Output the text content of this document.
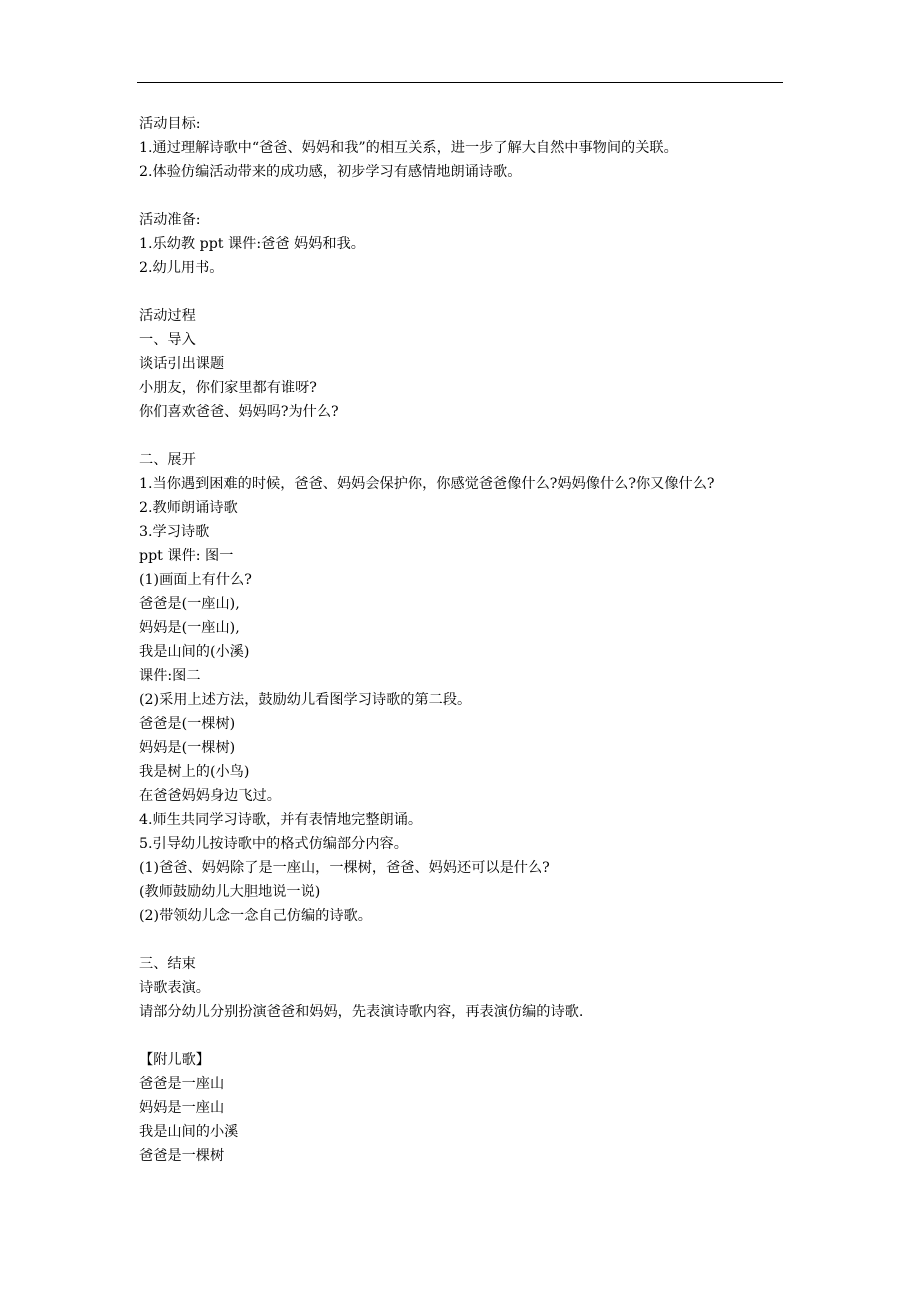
活动目标:
1.通过理解诗歌中“爸爸、妈妈和我”的相互关系，进一步了解大自然中事物间的关联。
2.体验仿编活动带来的成功感，初步学习有感情地朗诵诗歌。
活动准备:
1.乐幼教 ppt 课件:爸爸 妈妈和我。
2.幼儿用书。
活动过程
一、导入
谈话引出课题
小朋友，你们家里都有谁呀?
你们喜欢爸爸、妈妈吗?为什么?
二、展开
1.当你遇到困难的时候，爸爸、妈妈会保护你，你感觉爸爸像什么?妈妈像什么?你又像什么?
2.教师朗诵诗歌
3.学习诗歌
ppt 课件: 图一
(1)画面上有什么?
爸爸是(一座山),
妈妈是(一座山),
我是山间的(小溪)
课件:图二
(2)采用上述方法，鼓励幼儿看图学习诗歌的第二段。
爸爸是(一棵树)
妈妈是(一棵树)
我是树上的(小鸟)
在爸爸妈妈身边飞过。
4.师生共同学习诗歌，并有表情地完整朗诵。
5.引导幼儿按诗歌中的格式仿编部分内容。
(1)爸爸、妈妈除了是一座山，一棵树，爸爸、妈妈还可以是什么?
(教师鼓励幼儿大胆地说一说)
(2)带领幼儿念一念自己仿编的诗歌。
三、结束
诗歌表演。
请部分幼儿分别扮演爸爸和妈妈，先表演诗歌内容，再表演仿编的诗歌.
【附儿歌】
爸爸是一座山
妈妈是一座山
我是山间的小溪
爸爸是一棵树
